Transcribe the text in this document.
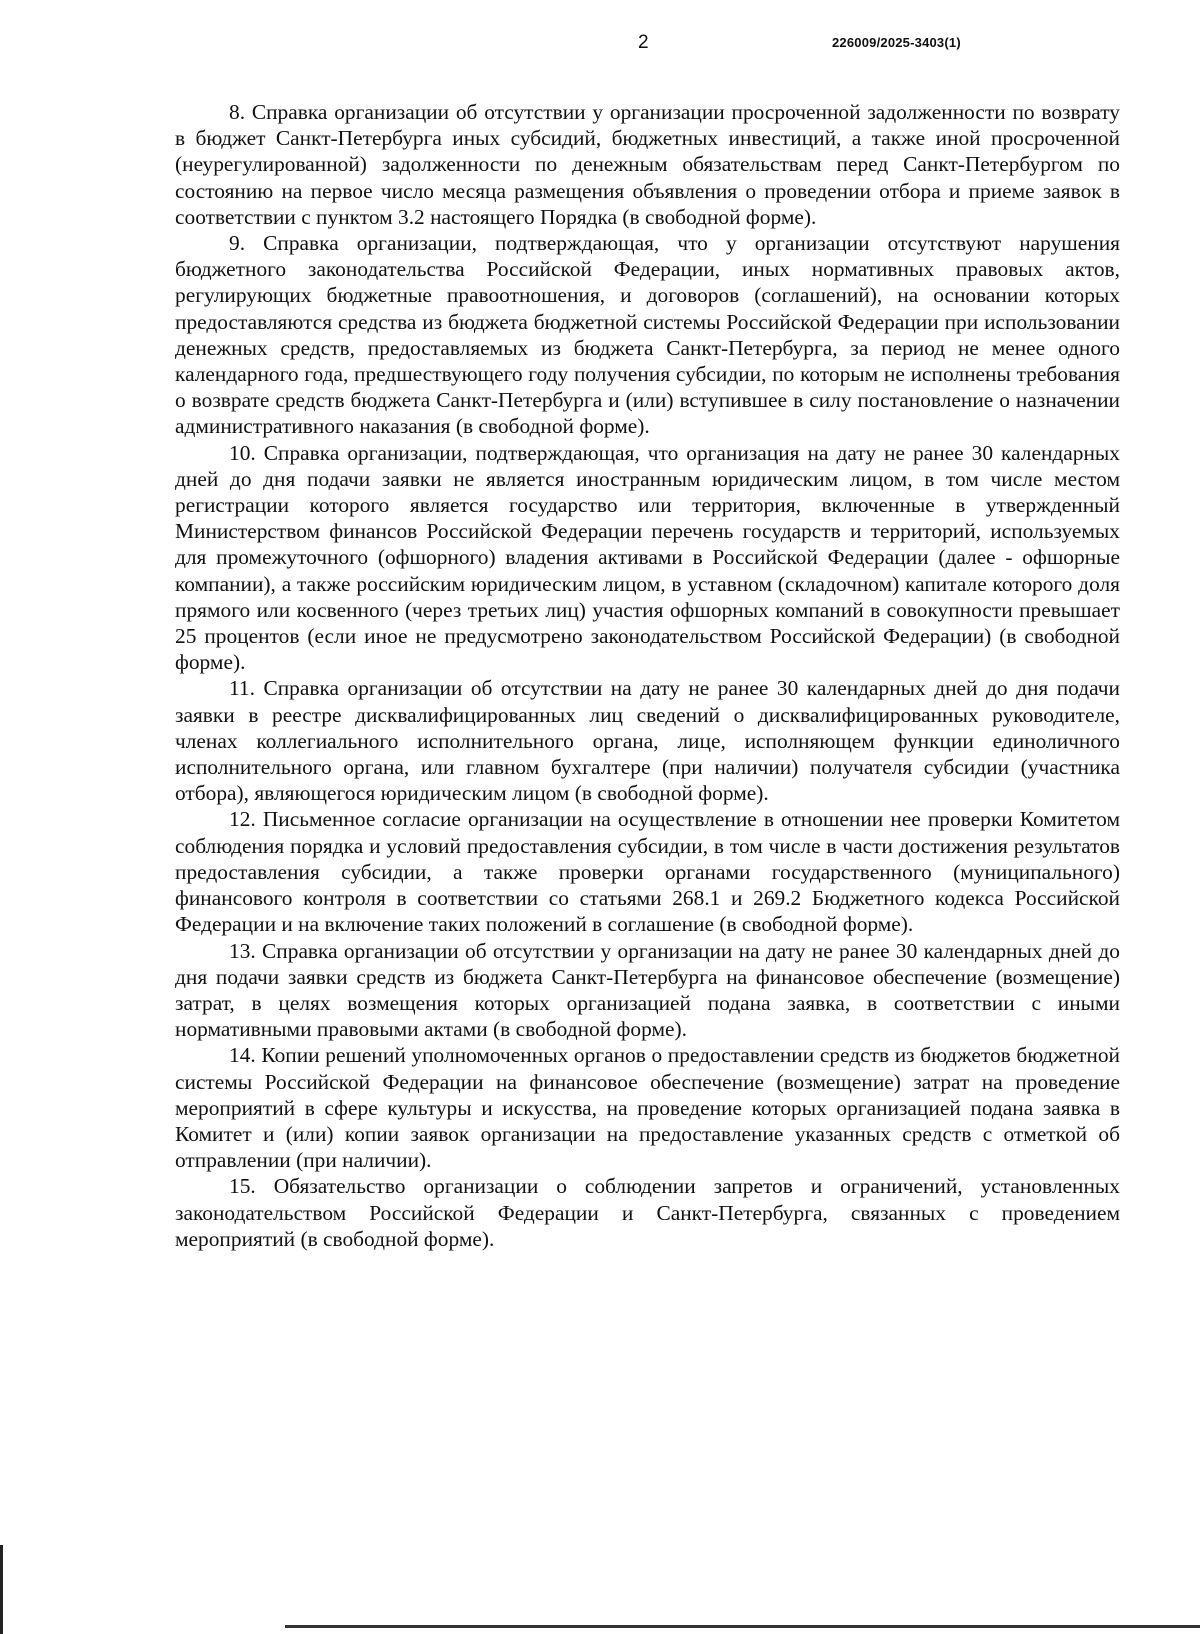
2	226009/2025-3403(1)

8. Справка организации об отсутствии у организации просроченной задолженности по возврату в бюджет Санкт-Петербурга иных субсидий, бюджетных инвестиций, а также иной просроченной (неурегулированной) задолженности по денежным обязательствам перед Санкт-Петербургом по состоянию на первое число месяца размещения объявления о проведении отбора и приеме заявок в соответствии с пунктом 3.2 настоящего Порядка (в свободной форме).

9. Справка организации, подтверждающая, что у организации отсутствуют нарушения бюджетного законодательства Российской Федерации, иных нормативных правовых актов, регулирующих бюджетные правоотношения, и договоров (соглашений), на основании которых предоставляются средства из бюджета бюджетной системы Российской Федерации при использовании денежных средств, предоставляемых из бюджета Санкт-Петербурга, за период не менее одного календарного года, предшествующего году получения субсидии, по которым не исполнены требования о возврате средств бюджета Санкт-Петербурга и (или) вступившее в силу постановление о назначении административного наказания (в свободной форме).

10. Справка организации, подтверждающая, что организация на дату не ранее 30 календарных дней до дня подачи заявки не является иностранным юридическим лицом, в том числе местом регистрации которого является государство или территория, включенные в утвержденный Министерством финансов Российской Федерации перечень государств и территорий, используемых для промежуточного (офшорного) владения активами в Российской Федерации (далее - офшорные компании), а также российским юридическим лицом, в уставном (складочном) капитале которого доля прямого или косвенного (через третьих лиц) участия офшорных компаний в совокупности превышает 25 процентов (если иное не предусмотрено законодательством Российской Федерации) (в свободной форме).

11. Справка организации об отсутствии на дату не ранее 30 календарных дней до дня подачи заявки в реестре дисквалифицированных лиц сведений о дисквалифицированных руководителе, членах коллегиального исполнительного органа, лице, исполняющем функции единоличного исполнительного органа, или главном бухгалтере (при наличии) получателя субсидии (участника отбора), являющегося юридическим лицом (в свободной форме).

12. Письменное согласие организации на осуществление в отношении нее проверки Комитетом соблюдения порядка и условий предоставления субсидии, в том числе в части достижения результатов предоставления субсидии, а также проверки органами государственного (муниципального) финансового контроля в соответствии со статьями 268.1 и 269.2 Бюджетного кодекса Российской Федерации и на включение таких положений в соглашение (в свободной форме).

13. Справка организации об отсутствии у организации на дату не ранее 30 календарных дней до дня подачи заявки средств из бюджета Санкт-Петербурга на финансовое обеспечение (возмещение) затрат, в целях возмещения которых организацией подана заявка, в соответствии с иными нормативными правовыми актами (в свободной форме).

14. Копии решений уполномоченных органов о предоставлении средств из бюджетов бюджетной системы Российской Федерации на финансовое обеспечение (возмещение) затрат на проведение мероприятий в сфере культуры и искусства, на проведение которых организацией подана заявка в Комитет и (или) копии заявок организации на предоставление указанных средств с отметкой об отправлении (при наличии).

15. Обязательство организации о соблюдении запретов и ограничений, установленных законодательством Российской Федерации и Санкт-Петербурга, связанных с проведением мероприятий (в свободной форме).
